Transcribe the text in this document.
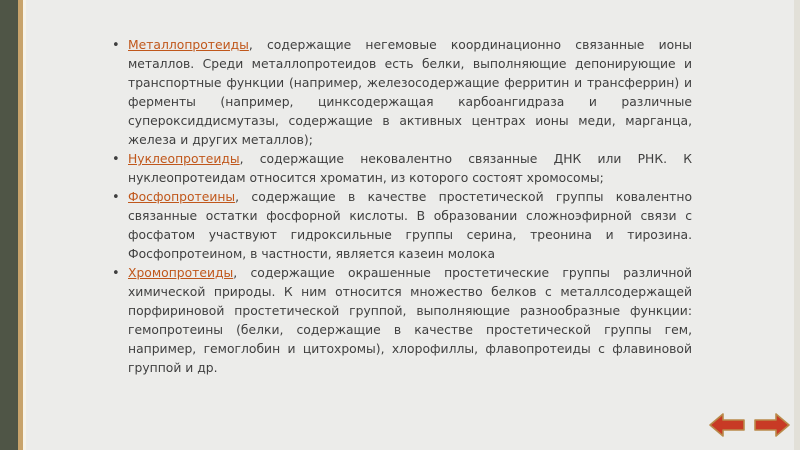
• Металлопротеиды, содержащие негемовые координационно связанные ионы металлов. Среди металлопротеидов есть белки, выполняющие депонирующие и транспортные функции (например, железосодержащие ферритин и трансферрин) и ферменты (например, цинксодержащая карбоангидраза и различные супероксиддисмутазы, содержащие в активных центрах ионы меди, марганца, железа и других металлов);
• Нуклеопротеиды, содержащие нековалентно связанные ДНК или РНК. К нуклеопротеидам относится хроматин, из которого состоят хромосомы;
• Фосфопротеины, содержащие в качестве простетической группы ковалентно связанные остатки фосфорной кислоты. В образовании сложноэфирной связи с фосфатом участвуют гидроксильные группы серина, треонина и тирозина. Фосфопротеином, в частности, является казеин молока
• Хромопротеиды, содержащие окрашенные простетические группы различной химической природы. К ним относится множество белков с металлсодержащей порфириновой простетической группой, выполняющие разнообразные функции: гемопротеины (белки, содержащие в качестве простетической группы гем, например, гемоглобин и цитохромы), хлорофиллы, флавопротеиды с флавиновой группой и др.
